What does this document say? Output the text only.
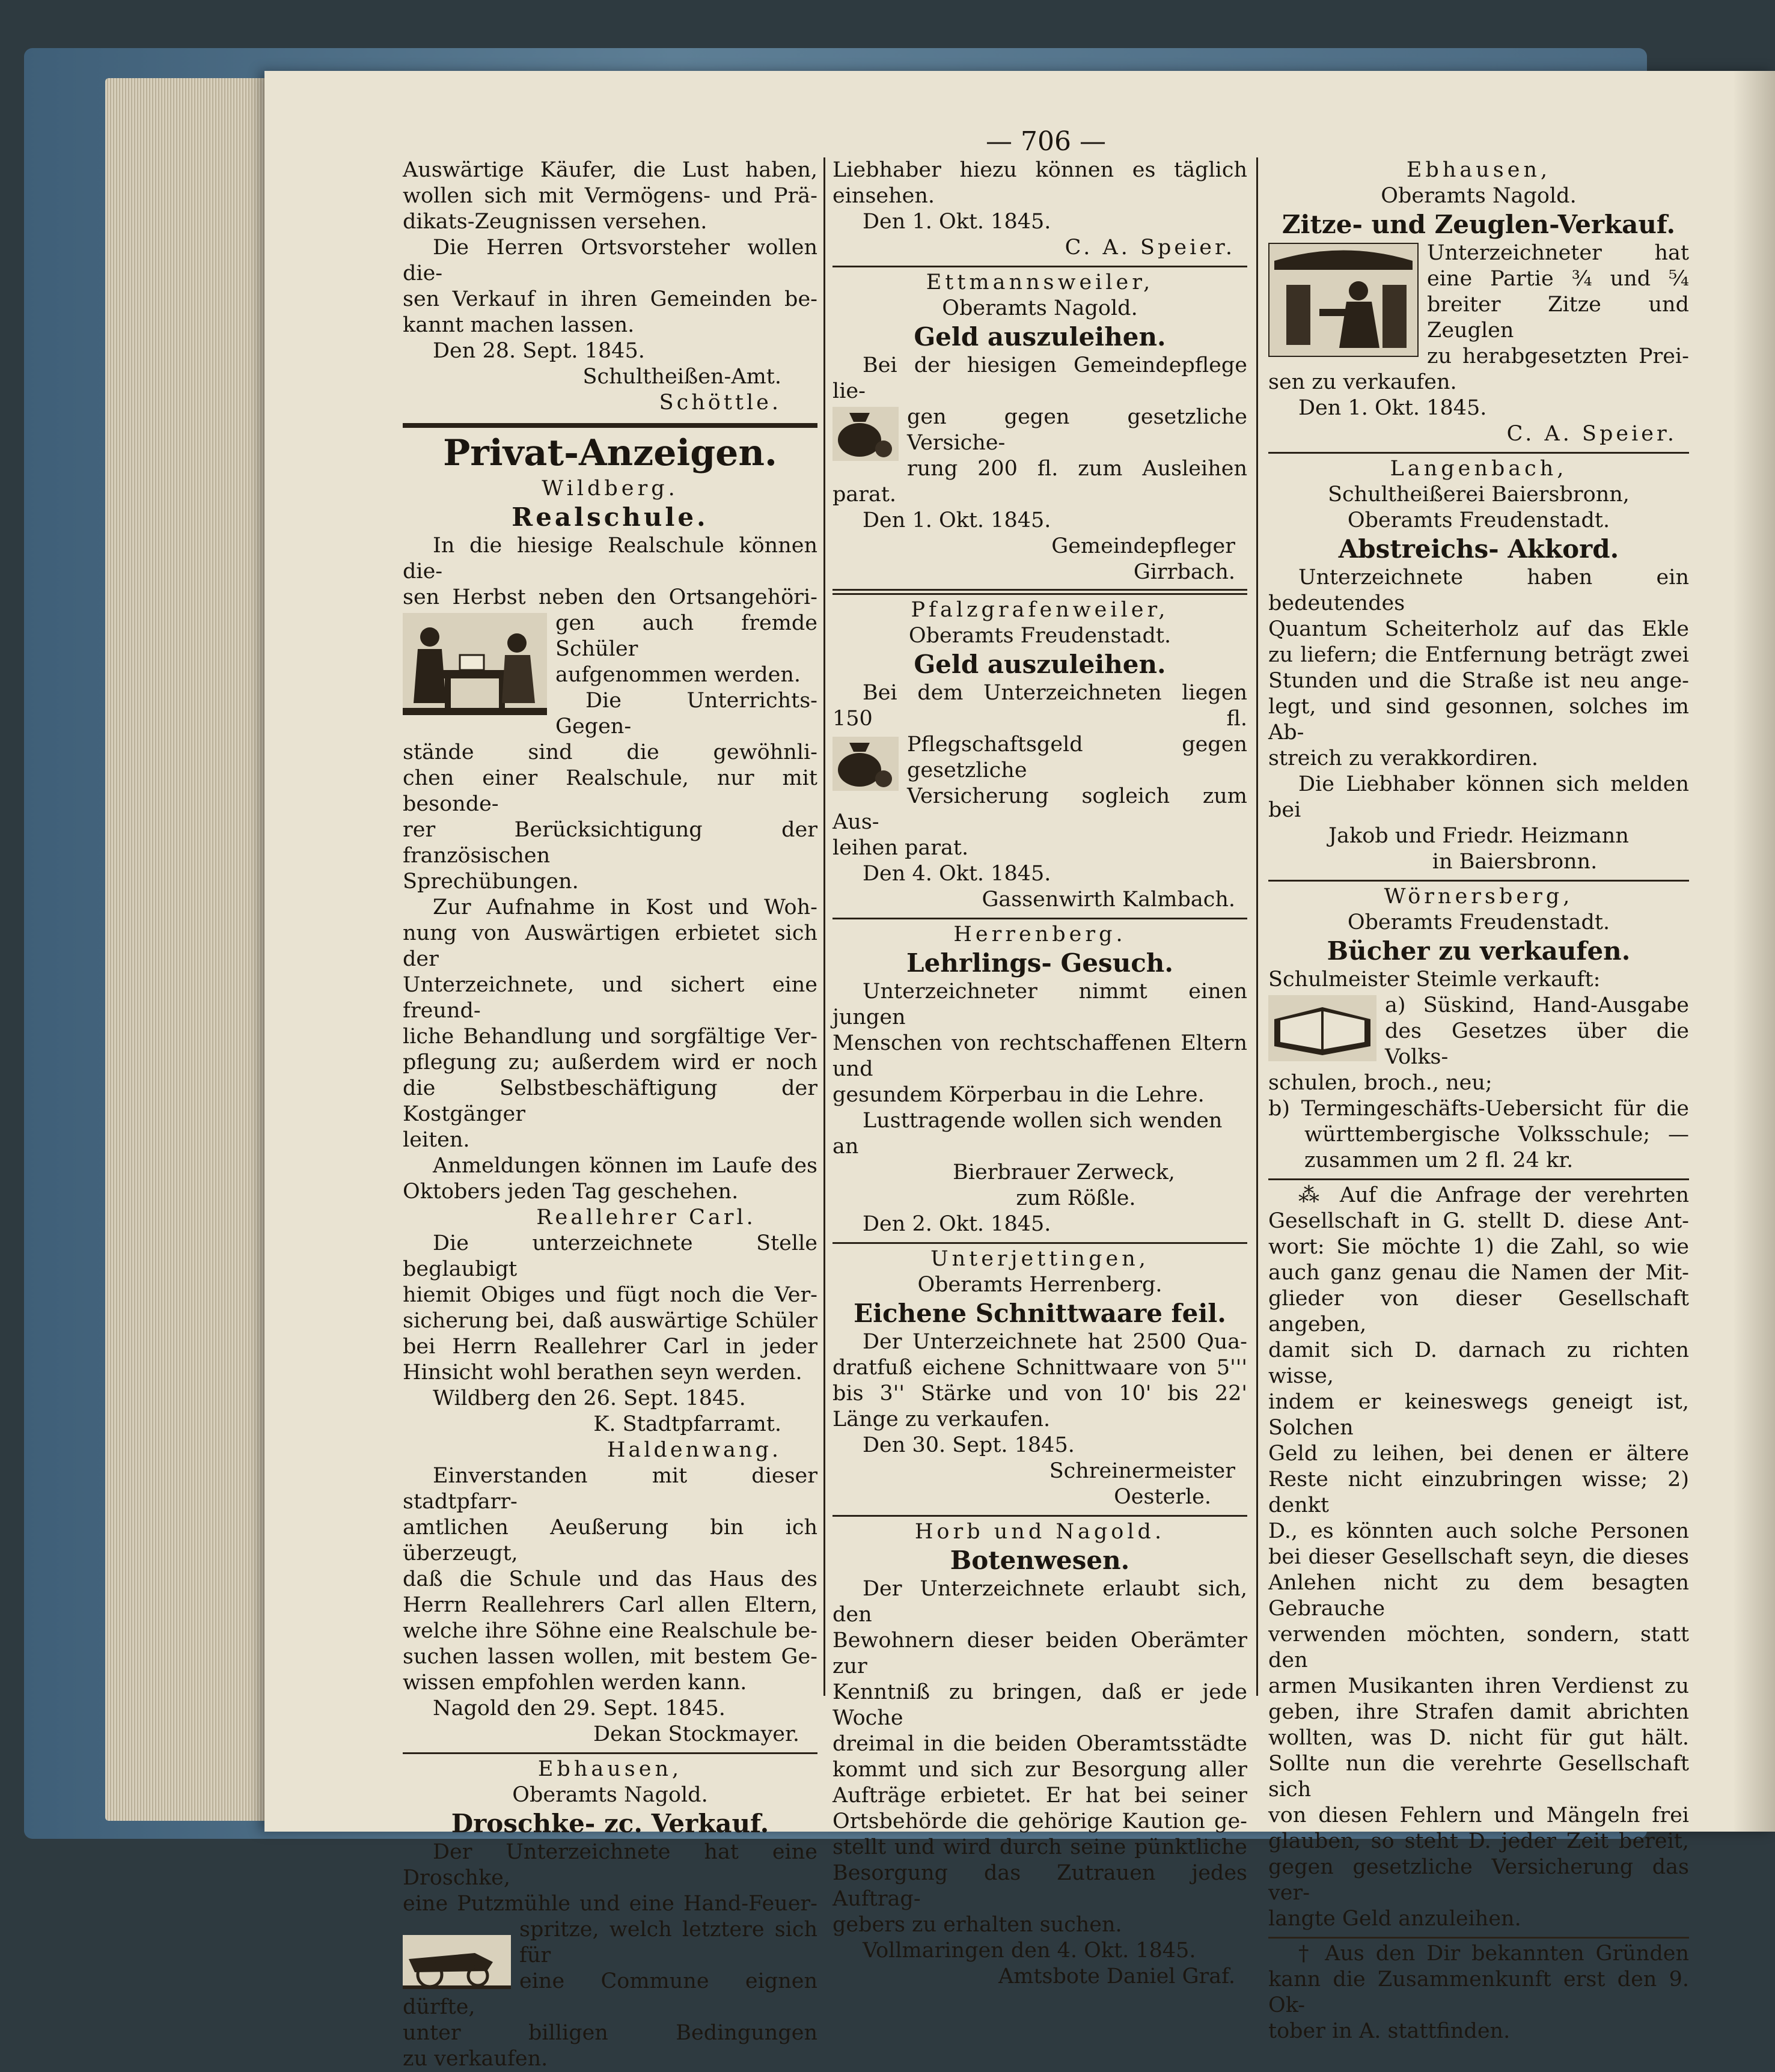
— 706 —

Auswärtige Käufer, die Lust haben,

wollen sich mit Vermögens- und Prä-

dikats-Zeugnissen versehen.

Die Herren Ortsvorsteher wollen die-

sen Verkauf in ihren Gemeinden be-

kannt machen lassen.

Den 28. Sept. 1845.

Schultheißen-Amt.

Schöttle.

Privat-Anzeigen.

Wildberg.

Realschule.

In die hiesige Realschule können die-

sen Herbst neben den Ortsangehöri-

gen auch fremde Schüler

aufgenommen werden.

Die Unterrichts-Gegen-

stände sind die gewöhnli-

chen einer Realschule, nur mit besonde-

rer Berücksichtigung der französischen

Sprechübungen.

Zur Aufnahme in Kost und Woh-

nung von Auswärtigen erbietet sich der

Unterzeichnete, und sichert eine freund-

liche Behandlung und sorgfältige Ver-

pflegung zu; außerdem wird er noch

die Selbstbeschäftigung der Kostgänger

leiten.

Anmeldungen können im Laufe des

Oktobers jeden Tag geschehen.

Reallehrer Carl.

Die unterzeichnete Stelle beglaubigt

hiemit Obiges und fügt noch die Ver-

sicherung bei, daß auswärtige Schüler

bei Herrn Reallehrer Carl in jeder

Hinsicht wohl berathen seyn werden.

Wildberg den 26. Sept. 1845.

K. Stadtpfarramt.

Haldenwang.

Einverstanden mit dieser stadtpfarr-

amtlichen Aeußerung bin ich überzeugt,

daß die Schule und das Haus des

Herrn Reallehrers Carl allen Eltern,

welche ihre Söhne eine Realschule be-

suchen lassen wollen, mit bestem Ge-

wissen empfohlen werden kann.

Nagold den 29. Sept. 1845.

Dekan Stockmayer.

Ebhausen,

Oberamts Nagold.

Droschke- zc. Verkauf.

Der Unterzeichnete hat eine Droschke,

eine Putzmühle und eine Hand-Feuer-

spritze, welch letztere sich für

eine Commune eignen dürfte,

unter billigen Bedingungen

zu verkaufen.

Liebhaber hiezu können es täglich

einsehen.

Den 1. Okt. 1845.

C. A. Speier.

Ettmannsweiler,

Oberamts Nagold.

Geld auszuleihen.

Bei der hiesigen Gemeindepflege lie-

gen gegen gesetzliche Versiche-

rung 200 fl. zum Ausleihen

parat.

Den 1. Okt. 1845.

Gemeindepfleger

Girrbach.

Pfalzgrafenweiler,

Oberamts Freudenstadt.

Geld auszuleihen.

Bei dem Unterzeichneten liegen 150 fl.

Pflegschaftsgeld gegen gesetzliche

Versicherung sogleich zum Aus-

leihen parat.

Den 4. Okt. 1845.

Gassenwirth Kalmbach.

Herrenberg.

Lehrlings- Gesuch.

Unterzeichneter nimmt einen jungen

Menschen von rechtschaffenen Eltern und

gesundem Körperbau in die Lehre.

Lusttragende wollen sich wenden an

Bierbrauer Zerweck,

zum Rößle.

Den 2. Okt. 1845.

Unterjettingen,

Oberamts Herrenberg.

Eichene Schnittwaare feil.

Der Unterzeichnete hat 2500 Qua-

dratfuß eichene Schnittwaare von 5'''

bis 3'' Stärke und von 10' bis 22'

Länge zu verkaufen.

Den 30. Sept. 1845.

Schreinermeister

Oesterle.

Horb und Nagold.

Botenwesen.

Der Unterzeichnete erlaubt sich, den

Bewohnern dieser beiden Oberämter zur

Kenntniß zu bringen, daß er jede Woche

dreimal in die beiden Oberamtsstädte

kommt und sich zur Besorgung aller

Aufträge erbietet. Er hat bei seiner

Ortsbehörde die gehörige Kaution ge-

stellt und wird durch seine pünktliche

Besorgung das Zutrauen jedes Auftrag-

gebers zu erhalten suchen.

Vollmaringen den 4. Okt. 1845.

Amtsbote Daniel Graf.

Ebhausen,

Oberamts Nagold.

Zitze- und Zeuglen-Verkauf.

Unterzeichneter hat

eine Partie ¾ und ⁵⁄₄

breiter Zitze und Zeuglen

zu herabgesetzten Prei-

sen zu verkaufen.

Den 1. Okt. 1845.

C. A. Speier.

Langenbach,

Schultheißerei Baiersbronn,

Oberamts Freudenstadt.

Abstreichs- Akkord.

Unterzeichnete haben ein bedeutendes

Quantum Scheiterholz auf das Ekle

zu liefern; die Entfernung beträgt zwei

Stunden und die Straße ist neu ange-

legt, und sind gesonnen, solches im Ab-

streich zu verakkordiren.

Die Liebhaber können sich melden bei

Jakob und Friedr. Heizmann

in Baiersbronn.

Wörnersberg,

Oberamts Freudenstadt.

Bücher zu verkaufen.

Schulmeister Steimle verkauft:

a) Süskind, Hand-Ausgabe

des Gesetzes über die Volks-

schulen, broch., neu;

b) Termingeschäfts-Uebersicht für die

württembergische Volksschule; —

zusammen um 2 fl. 24 kr.

⁂ Auf die Anfrage der verehrten

Gesellschaft in G. stellt D. diese Ant-

wort: Sie möchte 1) die Zahl, so wie

auch ganz genau die Namen der Mit-

glieder von dieser Gesellschaft angeben,

damit sich D. darnach zu richten wisse,

indem er keineswegs geneigt ist, Solchen

Geld zu leihen, bei denen er ältere

Reste nicht einzubringen wisse; 2) denkt

D., es könnten auch solche Personen

bei dieser Gesellschaft seyn, die dieses

Anlehen nicht zu dem besagten Gebrauche

verwenden möchten, sondern, statt den

armen Musikanten ihren Verdienst zu

geben, ihre Strafen damit abrichten

wollten, was D. nicht für gut hält.

Sollte nun die verehrte Gesellschaft sich

von diesen Fehlern und Mängeln frei

glauben, so steht D. jeder Zeit bereit,

gegen gesetzliche Versicherung das ver-

langte Geld anzuleihen.

† Aus den Dir bekannten Gründen

kann die Zusammenkunft erst den 9. Ok-

tober in A. stattfinden.
